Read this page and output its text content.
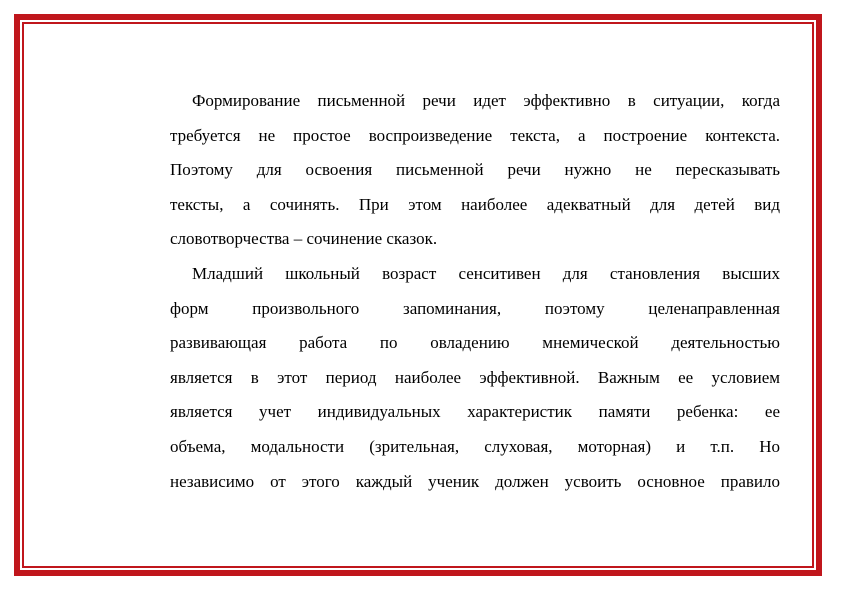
Формирование письменной речи идет эффективно в ситуации, когда
требуется не простое воспроизведение текста, а построение контекста.
Поэтому для освоения письменной речи нужно не пересказывать
тексты, а сочинять. При этом наиболее адекватный для детей вид
словотворчества – сочинение сказок.
Младший школьный возраст сенситивен для становления высших
форм произвольного запоминания, поэтому целенаправленная
развивающая работа по овладению мнемической деятельностью
является в этот период наиболее эффективной. Важным ее условием
является учет индивидуальных характеристик памяти ребенка: ее
объема, модальности (зрительная, слуховая, моторная) и т.п. Но
независимо от этого каждый ученик должен усвоить основное правило
